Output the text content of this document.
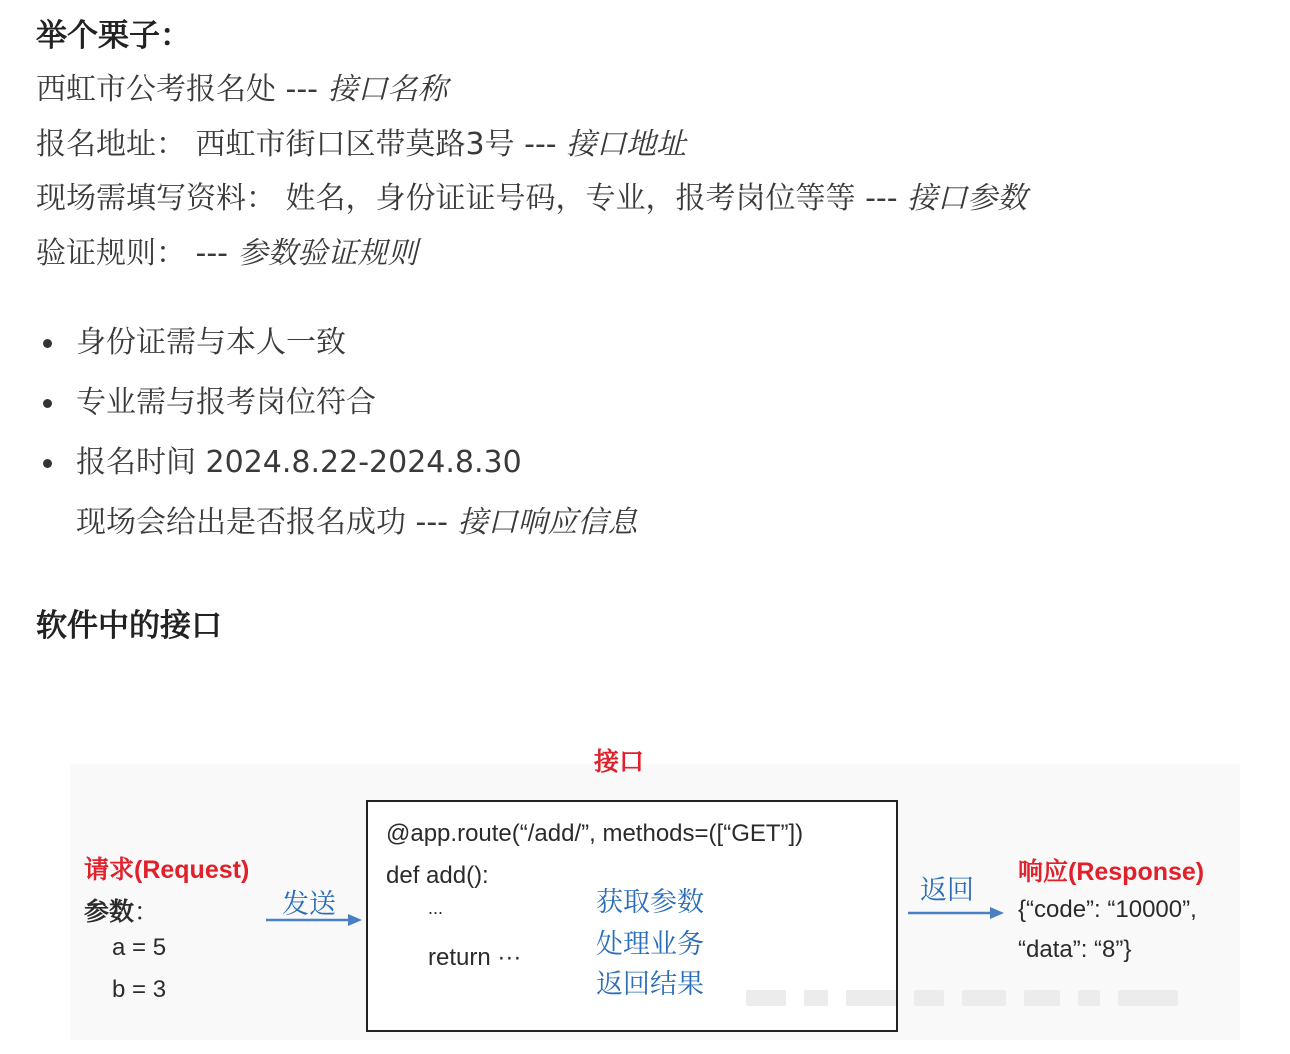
举个栗子：
西虹市公考报名处 --- 接口名称
报名地址： 西虹市街口区带莫路3号 --- 接口地址
现场需填写资料： 姓名，身份证证号码，专业，报考岗位等等 --- 接口参数
验证规则： --- 参数验证规则
身份证需与本人一致
专业需与报考岗位符合
报名时间 2024.8.22-2024.8.30
现场会给出是否报名成功 --- 接口响应信息
软件中的接口
接口
请求(Request)
参数：
a = 5
b = 3
发送
@app.route(“/add/”, methods=([“GET”])
def add():
...
return ···
获取参数
处理业务
返回结果
返回
响应(Response)
{“code”: “10000”,
“data”: “8”}
